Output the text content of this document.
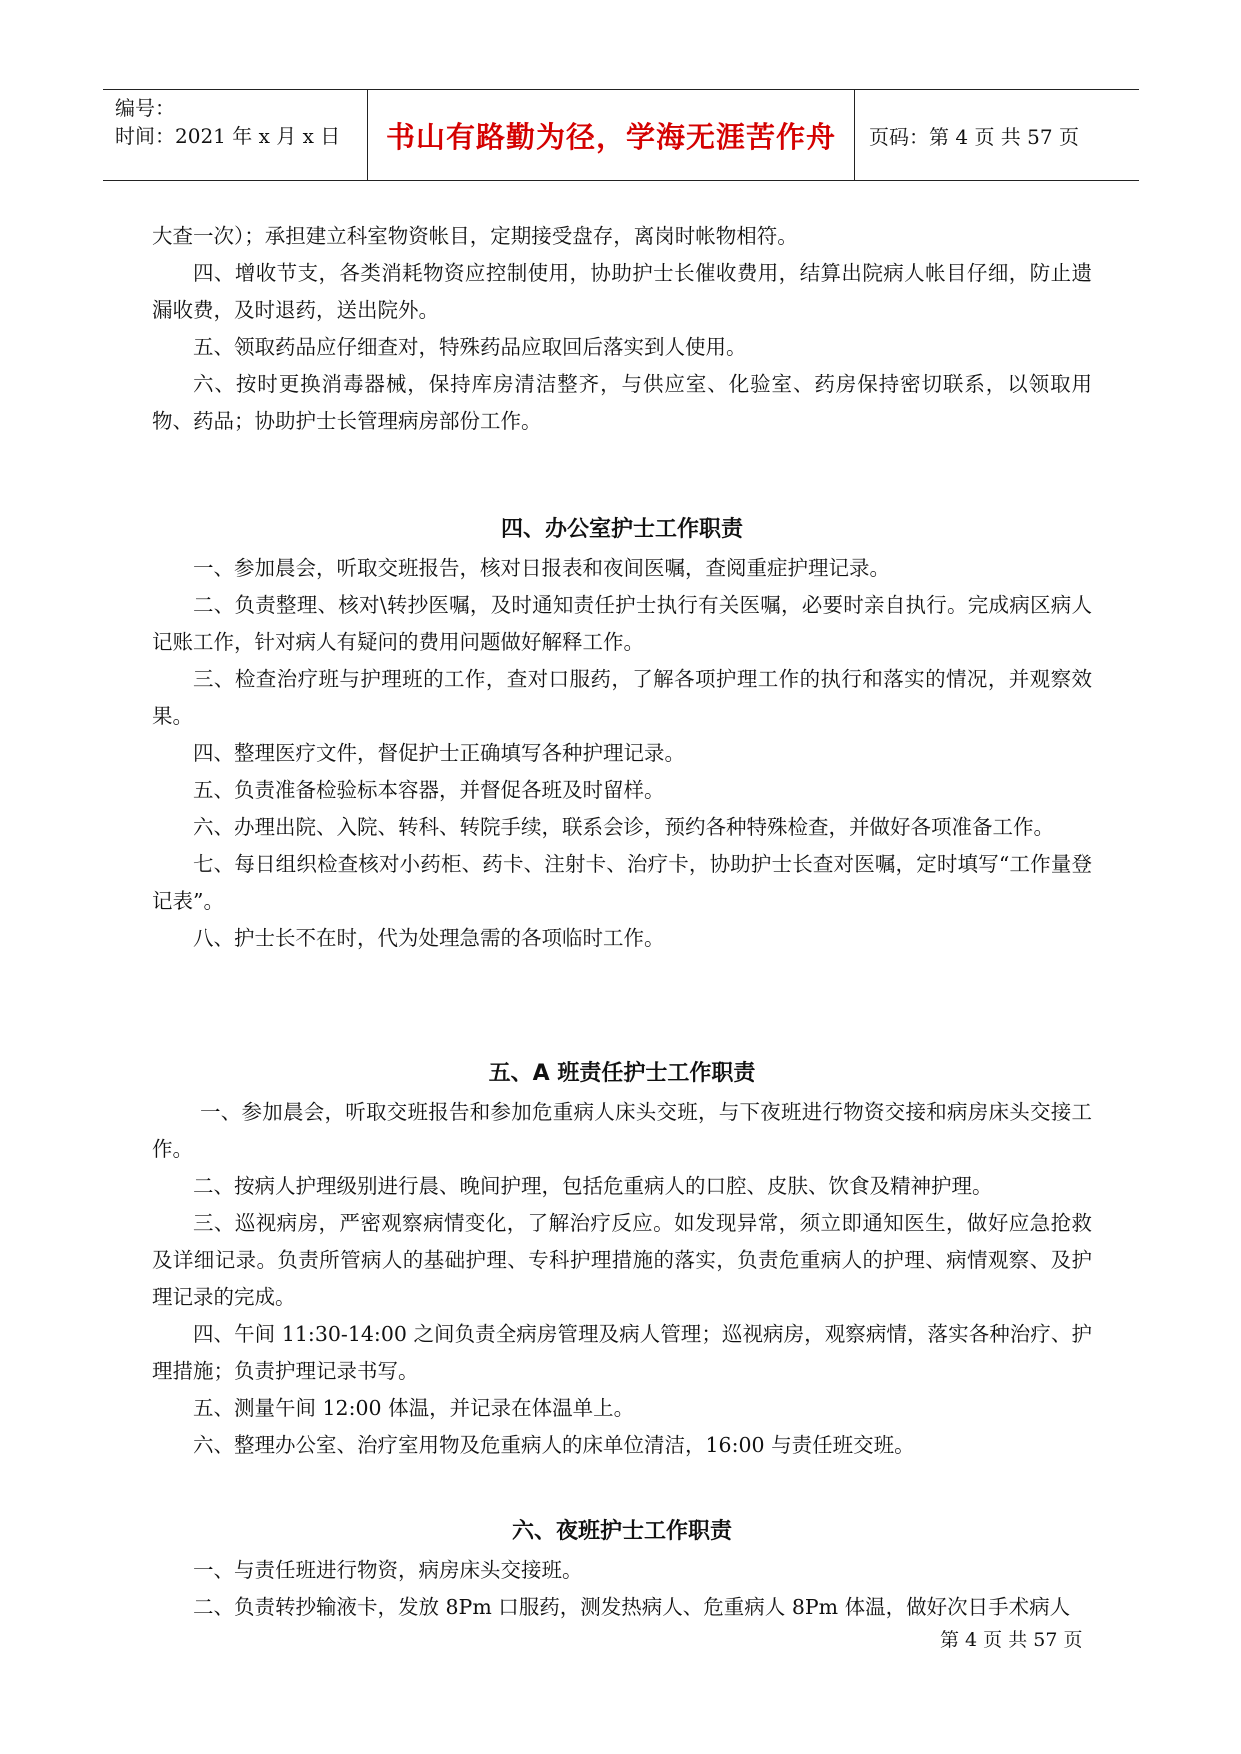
编号：
时间：2021 年 x 月 x 日	书山有路勤为径，学海无涯苦作舟 页码：第 4 页 共 57 页

大查一次）；承担建立科室物资帐目，定期接受盘存，离岗时帐物相符。

四、增收节支，各类消耗物资应控制使用，协助护士长催收费用，结算出院病人帐目仔细，防止遗漏收费，及时退药，送出院外。

五、领取药品应仔细查对，特殊药品应取回后落实到人使用。

六、按时更换消毒器械，保持库房清洁整齐，与供应室、化验室、药房保持密切联系，以领取用物、药品；协助护士长管理病房部份工作。

四、办公室护士工作职责

一、参加晨会，听取交班报告，核对日报表和夜间医嘱，查阅重症护理记录。

二、负责整理、核对\转抄医嘱，及时通知责任护士执行有关医嘱，必要时亲自执行。完成病区病人记账工作，针对病人有疑问的费用问题做好解释工作。

三、检查治疗班与护理班的工作，查对口服药，了解各项护理工作的执行和落实的情况，并观察效果。

四、整理医疗文件，督促护士正确填写各种护理记录。

五、负责准备检验标本容器，并督促各班及时留样。

六、办理出院、入院、转科、转院手续，联系会诊，预约各种特殊检查，并做好各项准备工作。

七、每日组织检查核对小药柜、药卡、注射卡、治疗卡，协助护士长查对医嘱，定时填写“工作量登记表”。

八、护士长不在时，代为处理急需的各项临时工作。

五、A 班责任护士工作职责

一、参加晨会，听取交班报告和参加危重病人床头交班，与下夜班进行物资交接和病房床头交接工作。

二、按病人护理级别进行晨、晚间护理，包括危重病人的口腔、皮肤、饮食及精神护理。

三、巡视病房，严密观察病情变化，了解治疗反应。如发现异常，须立即通知医生，做好应急抢救及详细记录。负责所管病人的基础护理、专科护理措施的落实，负责危重病人的护理、病情观察、及护理记录的完成。

四、午间 11:30-14:00 之间负责全病房管理及病人管理；巡视病房，观察病情，落实各种治疗、护理措施；负责护理记录书写。

五、测量午间 12:00 体温，并记录在体温单上。

六、整理办公室、治疗室用物及危重病人的床单位清洁，16:00 与责任班交班。

六、夜班护士工作职责

一、与责任班进行物资，病房床头交接班。

二、负责转抄输液卡，发放 8Pm 口服药，测发热病人、危重病人 8Pm 体温，做好次日手术病人

第 4 页 共 57 页
